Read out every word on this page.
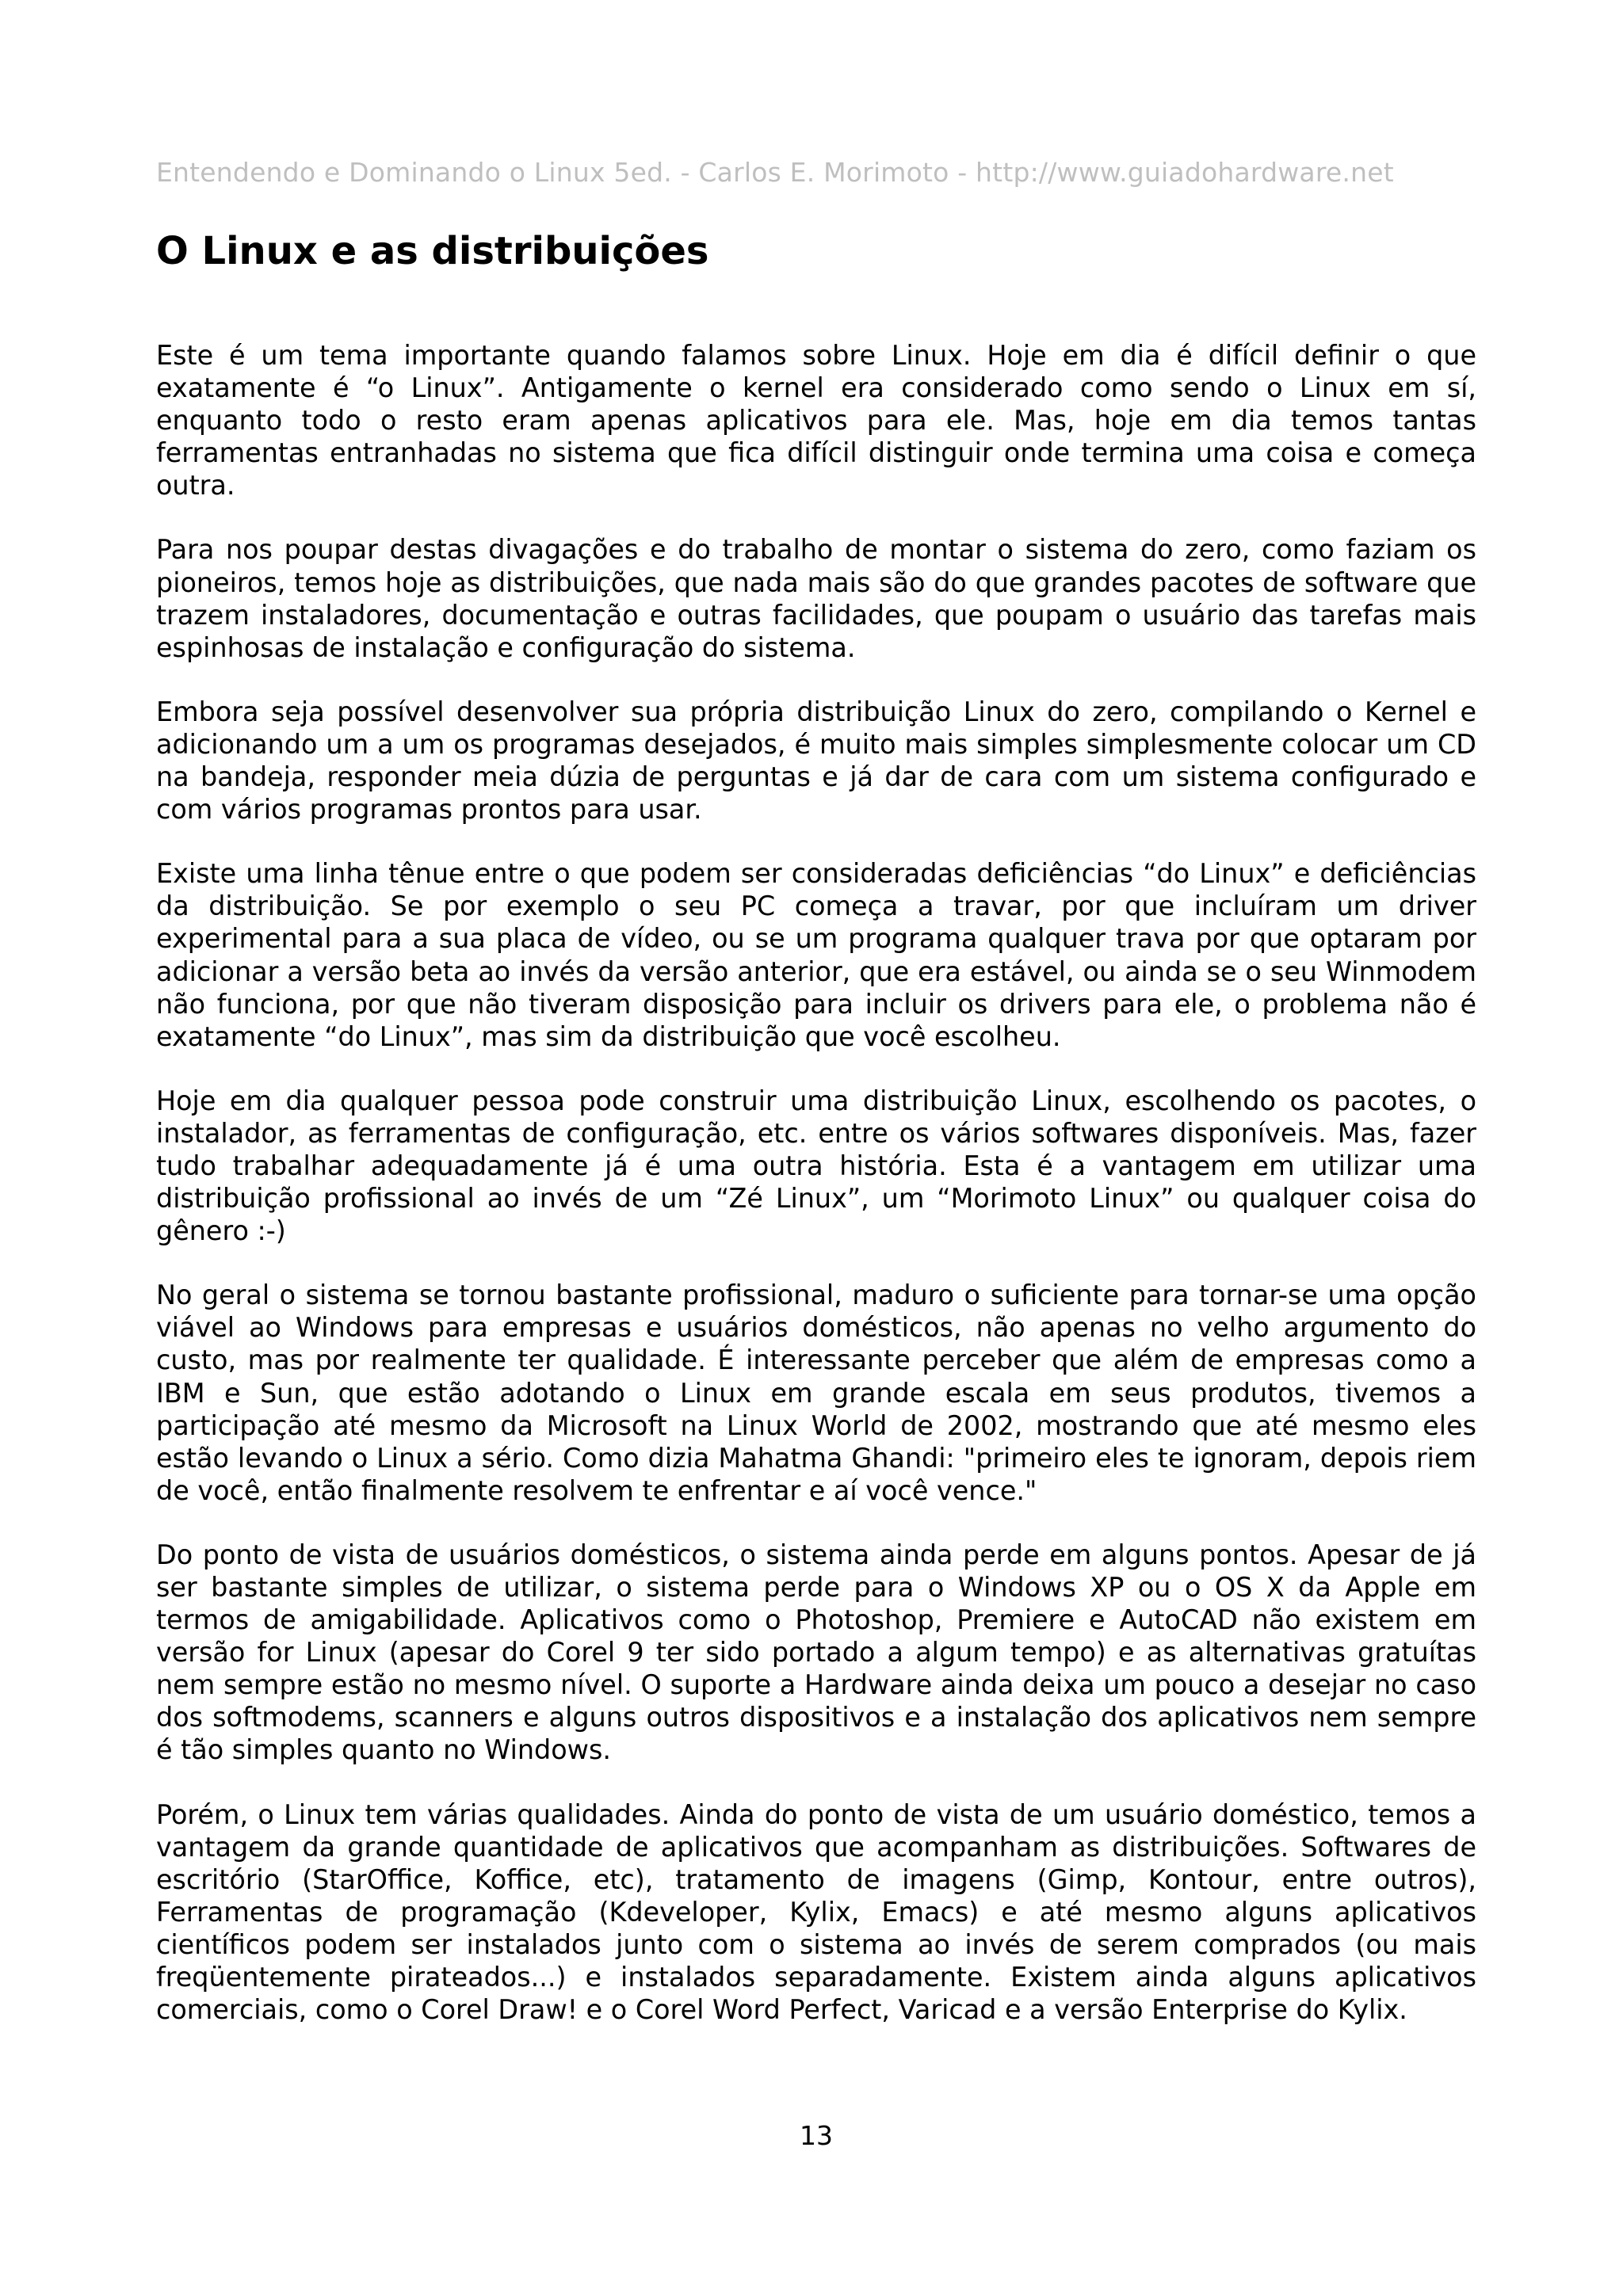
Entendendo e Dominando o Linux 5ed. - Carlos E. Morimoto - http://www.guiadohardware.net
O Linux e as distribuições

Este é um tema importante quando falamos sobre Linux. Hoje em dia é difícil definir o que exatamente é “o Linux”. Antigamente o kernel era considerado como sendo o Linux em sí, enquanto todo o resto eram apenas aplicativos para ele. Mas, hoje em dia temos tantas ferramentas entranhadas no sistema que fica difícil distinguir onde termina uma coisa e começa outra.

Para nos poupar destas divagações e do trabalho de montar o sistema do zero, como faziam os pioneiros, temos hoje as distribuições, que nada mais são do que grandes pacotes de software que trazem instaladores, documentação e outras facilidades, que poupam o usuário das tarefas mais espinhosas de instalação e configuração do sistema.

Embora seja possível desenvolver sua própria distribuição Linux do zero, compilando o Kernel e adicionando um a um os programas desejados, é muito mais simples simplesmente colocar um CD na bandeja, responder meia dúzia de perguntas e já dar de cara com um sistema configurado e com vários programas prontos para usar.

Existe uma linha tênue entre o que podem ser consideradas deficiências “do Linux” e deficiências da distribuição. Se por exemplo o seu PC começa a travar, por que incluíram um driver experimental para a sua placa de vídeo, ou se um programa qualquer trava por que optaram por adicionar a versão beta ao invés da versão anterior, que era estável, ou ainda se o seu Winmodem não funciona, por que não tiveram disposição para incluir os drivers para ele, o problema não é exatamente “do Linux”, mas sim da distribuição que você escolheu.

Hoje em dia qualquer pessoa pode construir uma distribuição Linux, escolhendo os pacotes, o instalador, as ferramentas de configuração, etc. entre os vários softwares disponíveis. Mas, fazer tudo trabalhar adequadamente já é uma outra história. Esta é a vantagem em utilizar uma distribuição profissional ao invés de um “Zé Linux”, um “Morimoto Linux” ou qualquer coisa do gênero :-)

No geral o sistema se tornou bastante profissional, maduro o suficiente para tornar-se uma opção viável ao Windows para empresas e usuários domésticos, não apenas no velho argumento do custo, mas por realmente ter qualidade. É interessante perceber que além de empresas como a IBM e Sun, que estão adotando o Linux em grande escala em seus produtos, tivemos a participação até mesmo da Microsoft na Linux World de 2002, mostrando que até mesmo eles estão levando o Linux a sério. Como dizia Mahatma Ghandi: "primeiro eles te ignoram, depois riem de você, então finalmente resolvem te enfrentar e aí você vence."

Do ponto de vista de usuários domésticos, o sistema ainda perde em alguns pontos. Apesar de já ser bastante simples de utilizar, o sistema perde para o Windows XP ou o OS X da Apple em termos de amigabilidade. Aplicativos como o Photoshop, Premiere e AutoCAD não existem em versão for Linux (apesar do Corel 9 ter sido portado a algum tempo) e as alternativas gratuítas nem sempre estão no mesmo nível. O suporte a Hardware ainda deixa um pouco a desejar no caso dos softmodems, scanners e alguns outros dispositivos e a instalação dos aplicativos nem sempre é tão simples quanto no Windows.

Porém, o Linux tem várias qualidades. Ainda do ponto de vista de um usuário doméstico, temos a vantagem da grande quantidade de aplicativos que acompanham as distribuições. Softwares de escritório (StarOffice, Koffice, etc), tratamento de imagens (Gimp, Kontour, entre outros), Ferramentas de programação (Kdeveloper, Kylix, Emacs) e até mesmo alguns aplicativos científicos podem ser instalados junto com o sistema ao invés de serem comprados (ou mais freqüentemente pirateados...) e instalados separadamente. Existem ainda alguns aplicativos comerciais, como o Corel Draw! e o Corel Word Perfect, Varicad e a versão Enterprise do Kylix.

13
